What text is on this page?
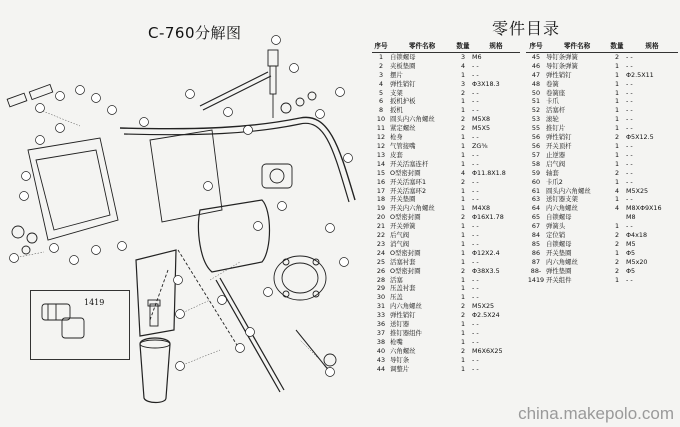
C-760分解图	零件目录
1419
序号	零件名称	数量	规格
1	自锁螺母	3	M6
2	夹板垫圈	4	- -
3	摆片	1	- -
4	弹性销钉	3	Φ3X18.3
5	支架	2	- -
6	扳机护板	1	- -
8	扳机	1	- -
10	圆头内六角螺丝	2	M5X8
11	紧定螺丝	2	M5X5
12	枪身	1	- -
12	气管接嘴	1	ZG⅜
13	皮套	1	- -
14	开关活塞连杆	1	- -
15	O型密封圈	4	Φ11.8X1.8
16	开关活塞环1	2	- -
17	开关活塞环2	1	- -
18	开关垫圈	1	- -
19	开关内六角螺丝	1	M4X8
20	O型密封圈	2	Φ16X1.78
21	开关弹簧	1	- -
22	后气阀	1	- -
23	消气阀	1	- -
24	O型密封圈	1	Φ12X2.4
25	活塞衬套	1	- -
26	O型密封圈	2	Φ38X3.5
28	活塞	1	- -
29	压盖衬套	1	- -
30	压盖	1	- -
31	内六角螺丝	2	M5X25
33	弹性销钉	2	Φ2.5X24
36	送钉器	1	- -
37	推钉器组件	1	- -
38	枪嘴	1	- -
40	六角螺丝	2	M6X6X25
43	导钉条	1	- -
44	调整片	1	- -
序号	零件名称	数量	规格
45	导钉条弹簧	2	- -
46	导钉条弹簧	1	- -
47	弹性销钉	1	Φ2.5X11
48	卷簧	1	- -
50	卷簧座	1	- -
51	卡爪	1	- -
52	活塞杆	1	- -
53	滚轮	1	- -
55	推钉片	1	- -
56	弹性销钉	2	Φ5X12.5
56	开关顶杆	1	- -
57	止逆器	1	- -
58	启气阀	1	- -
59	轴套	2	- -
60	卡爪2	1	- -
61	圆头内六角螺丝	4	M5X25
63	送钉器支架	1	- -
64	内六角螺丝	4	M8XΦ9X16
65	自锁螺母		M8
67	弹簧头	1	- -
84	定位销	2	Φ4x18
85	自锁螺母	2	M5
86	开关垫圈	1	Φ5
87	内六角螺丝	2	M5x20
88-	弹性垫圈	2	Φ5
1419	开关组件	1	- -
china.makepolo.com
